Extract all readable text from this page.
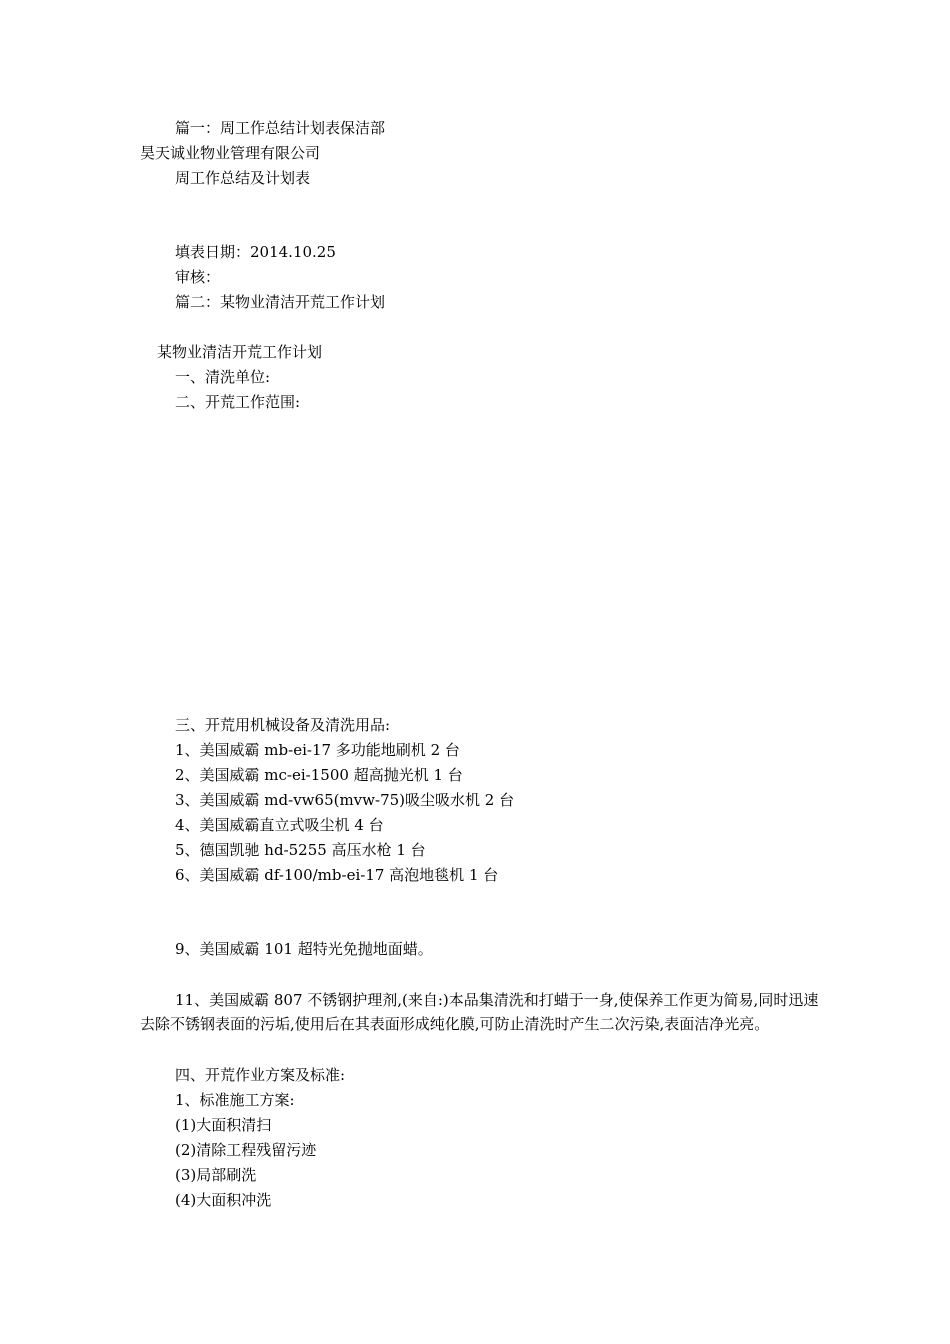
篇一：周工作总结计划表保洁部

昊天诚业物业管理有限公司

周工作总结及计划表

填表日期：2014.10.25

审核：

篇二：某物业清洁开荒工作计划

某物业清洁开荒工作计划

一、清洗单位:

二、开荒工作范围:

三、开荒用机械设备及清洗用品:

1、美国威霸 mb-ei-17 多功能地刷机 2 台

2、美国威霸 mc-ei-1500 超高抛光机 1 台

3、美国威霸 md-vw65(mvw-75)吸尘吸水机 2 台

4、美国威霸直立式吸尘机 4 台

5、德国凯驰 hd-5255 高压水枪 1 台

6、美国威霸 df-100/mb-ei-17 高泡地毯机 1 台

9、美国威霸 101 超特光免抛地面蜡。

11、美国威霸 807 不锈钢护理剂,(来自:)本品集清洗和打蜡于一身,使保养工作更为简易,同时迅速去除不锈钢表面的污垢,使用后在其表面形成纯化膜,可防止清洗时产生二次污染,表面洁净光亮。

四、开荒作业方案及标准:

1、标准施工方案:

(1)大面积清扫

(2)清除工程残留污迹

(3)局部刷洗

(4)大面积冲洗
